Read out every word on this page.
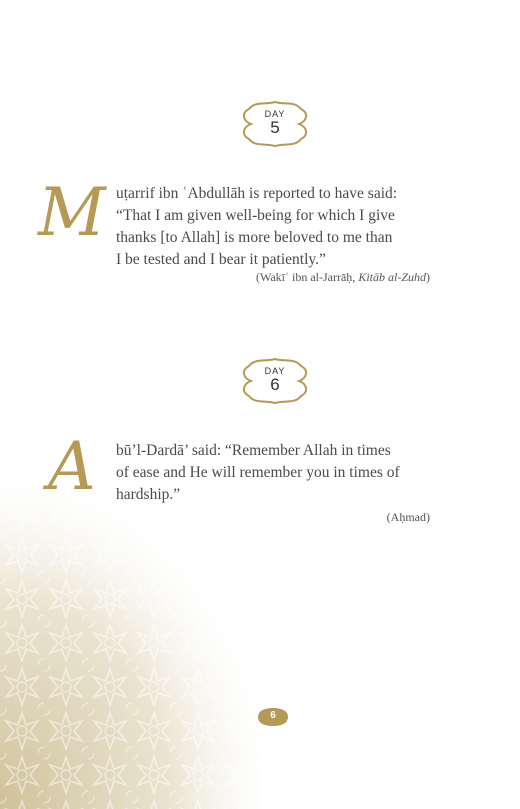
DAY
5
M uṭarrif ibn ʿAbdullāh is reported to have said:

“That I am given well-being for which I give

thanks [to Allah] is more beloved to me than

I be tested and I bear it patiently.”

(Wakīʿ ibn al-Jarrāḥ, Kitāb al-Zuhd)
DAY
6
A bū’l-Dardā’ said: “Remember Allah in times

of ease and He will remember you in times of

hardship.”

(Aḥmad)
6
